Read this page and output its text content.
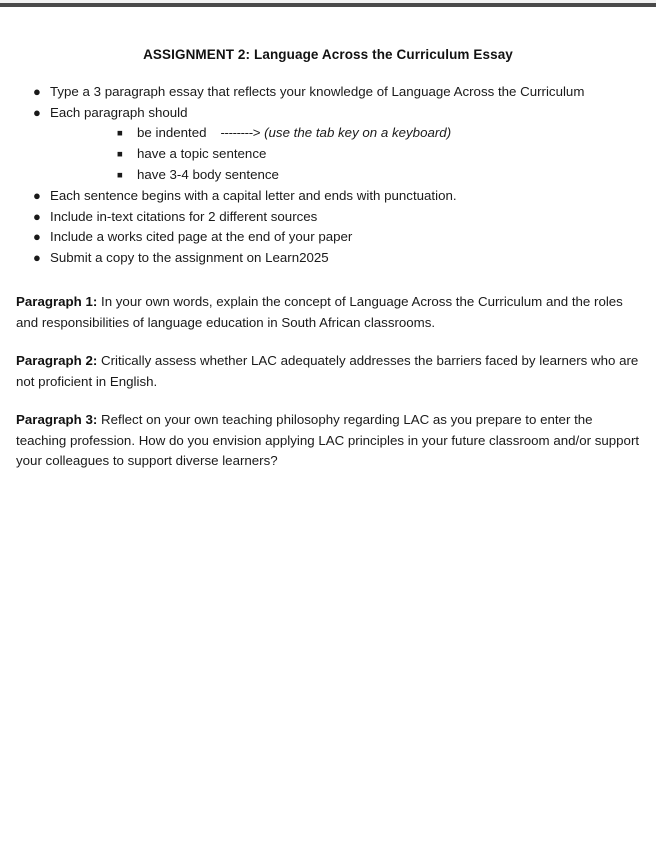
ASSIGNMENT 2: Language Across the Curriculum Essay
● Type a 3 paragraph essay that reflects your knowledge of Language Across the Curriculum
● Each paragraph should
■	be indented --------> (use the tab key on a keyboard)
■	have a topic sentence
■	have 3-4 body sentence
● Each sentence begins with a capital letter and ends with punctuation.
● Include in-text citations for 2 different sources
● Include a works cited page at the end of your paper
● Submit a copy to the assignment on Learn2025

Paragraph 1: In your own words, explain the concept of Language Across the Curriculum and the roles and responsibilities of language education in South African classrooms.

Paragraph 2: Critically assess whether LAC adequately addresses the barriers faced by learners who are not proficient in English.

Paragraph 3: Reflect on your own teaching philosophy regarding LAC as you prepare to enter the teaching profession. How do you envision applying LAC principles in your future classroom and/or support your colleagues to support diverse learners?
